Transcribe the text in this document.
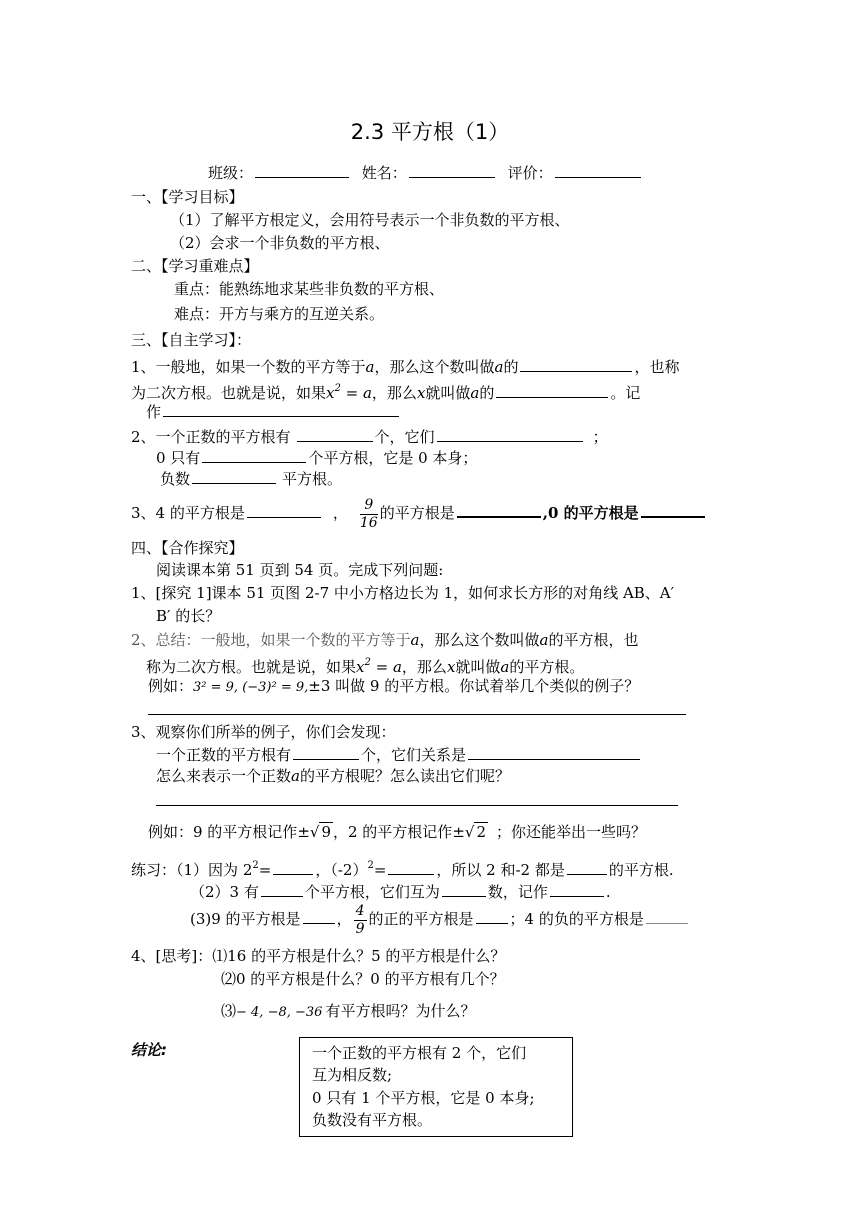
2.3 平方根（1）
班级：	姓名：	评价：
一、【学习目标】
（1）了解平方根定义，会用符号表示一个非负数的平方根、
（2）会求一个非负数的平方根、
二、【学习重难点】
重点：能熟练地求某些非负数的平方根、
难点：开方与乘方的互逆关系。
三、【自主学习】：
1、一般地，如果一个数的平方等于a，那么这个数叫做a的	，也称
为二次方根。也就是说，如果$x^2 = a$，那么x就叫做a的	。记
作
2、一个正数的平方根有	个，它们	；
0 只有	个平方根，它是 0 本身；
负数	平方根。
3、4 的平方根是	， $\frac{9}{16}$ 的平方根是	,0 的平方根是
四、【合作探究】
阅读课本第 51 页到 54 页。完成下列问题:
1、[探究 1]课本 51 页图 2-7 中小方格边长为 1，如何求长方形的对角线 AB、A′
B′ 的长？
2、总结：一般地，如果一个数的平方等于a，那么这个数叫做a的平方根，也
称为二次方根。也就是说，如果$x^2 = a$，那么x就叫做a的平方根。
例如：3² = 9, (−3)² = 9,±3 叫做 9 的平方根。你试着举几个类似的例子？
3、观察你们所举的例子，你们会发现：
一个正数的平方根有	个，它们关系是
怎么来表示一个正数a的平方根呢？怎么读出它们呢？
例如：9 的平方根记作±√ 9 ，2 的平方根记作±√ 2 ；你还能举出一些吗？
练习：（1）因为 $2^2=$	，$(-2)^2=$	，所以 2 和-2 都是	的平方根.
（2）3 有	个平方根，它们互为	数，记作	.
(3)9 的平方根是 ， $\frac{4}{9}$ 的正的平方根是 ；4 的负的平方根是
4、[思考]：⑴16 的平方根是什么？5 的平方根是什么？
⑵0 的平方根是什么？0 的平方根有几个？
⑶− 4, −8, −36 有平方根吗？为什么？
结论:	一个正数的平方根有 2 个，它们
互为相反数;
0 只有 1 个平方根，它是 0 本身;
负数没有平方根。
